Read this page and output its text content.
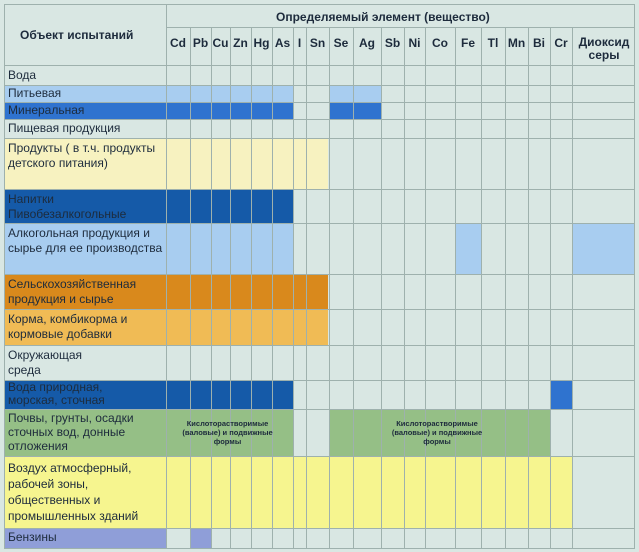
Объект испытаний
Определяемый элемент (вещество)
Cd Pb Cu Zn Hg As I Sn Se Ag Sb Ni Co	Fe	Tl Mn Bi Cr Диоксид серы
Вода
Питьевая
Минеральная
Пищевая продукция
Продукты ( в т.ч. продукты детского питания)
Напитки Пивобезалкогольные
Алкогольная продукция и сырье для ее производства
Сельскохозяйственная продукция и сырье
Корма, комбикорма и кормовые добавки
Окружающая среда
Вода природная, морская, сточная
Почвы, грунты, осадки сточных вод, донные отложения
Воздух атмосферный, рабочей зоны, общественных и промышленных зданий
Бензины
Кислоторастворимые (валовые) и подвижные формы
Кислоторастворимые (валовые) и подвижные формы
